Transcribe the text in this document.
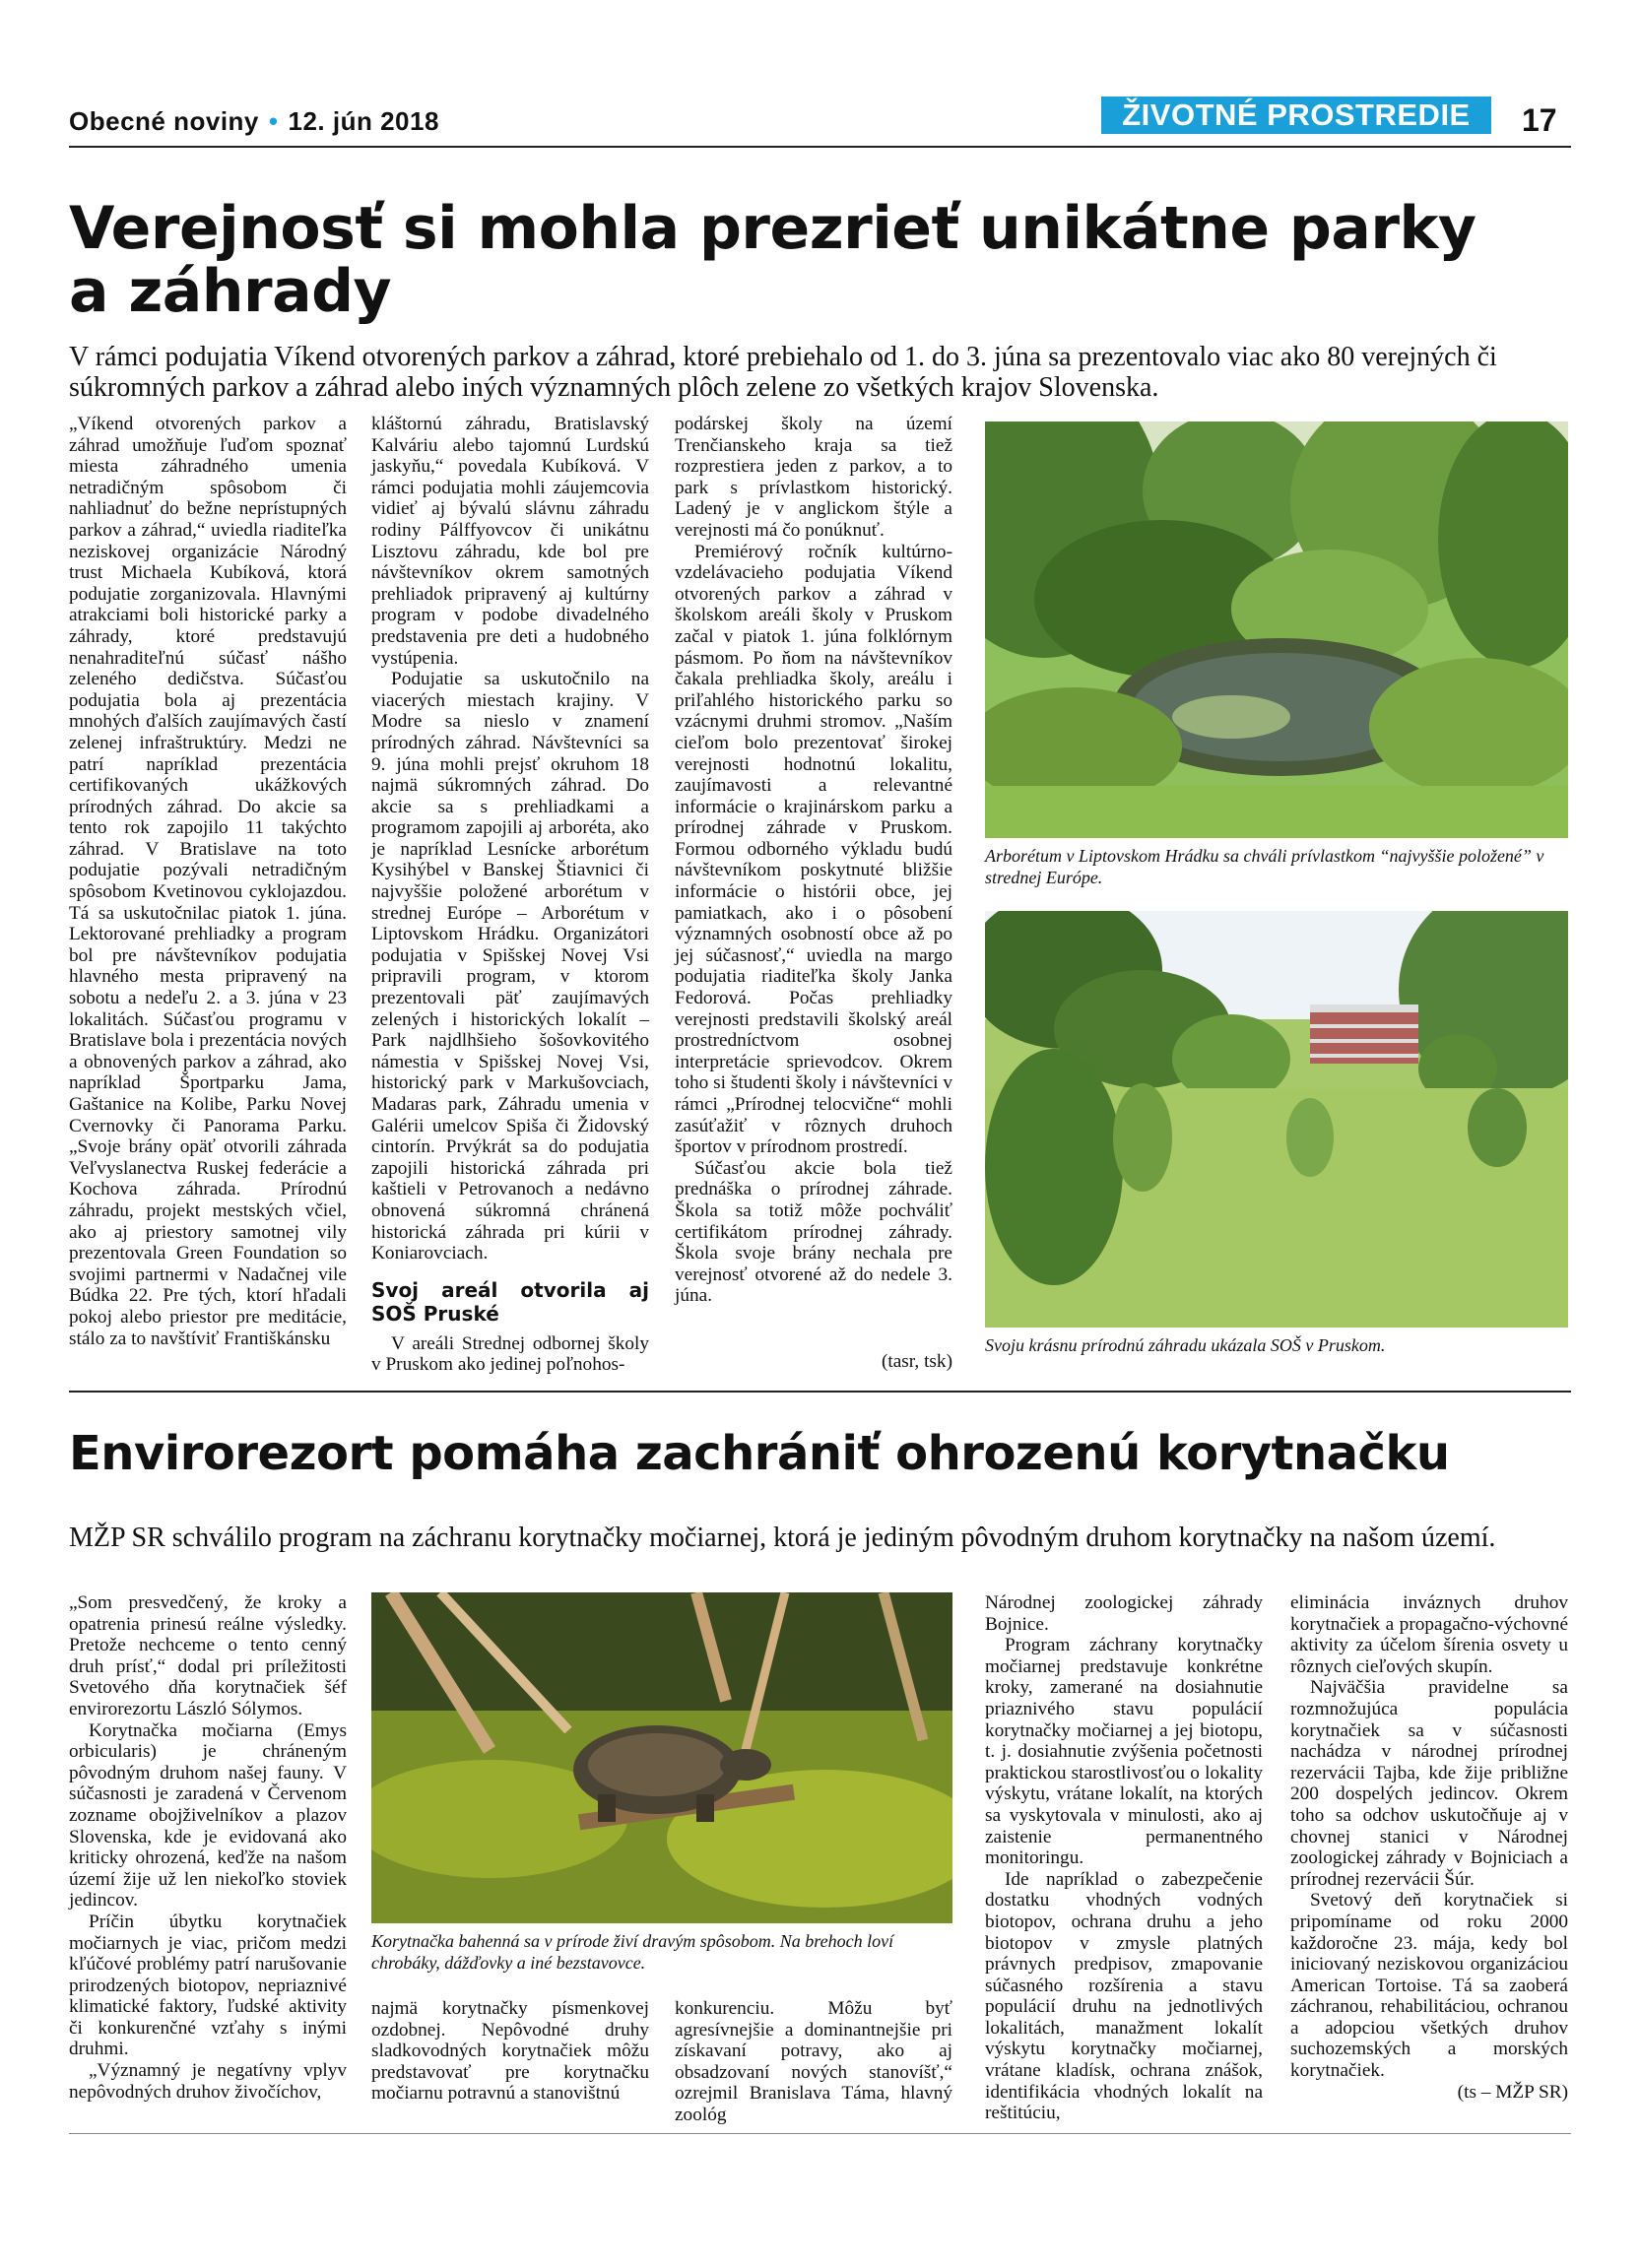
Obecné noviny • 12. jún 2018	ŽIVOTNÉ PROSTREDIE	17
Verejnosť si mohla prezrieť unikátne parky a záhrady
V rámci podujatia Víkend otvorených parkov a záhrad, ktoré prebiehalo od 1. do 3. júna sa prezentovalo viac ako 80 verejných či súkromných parkov a záhrad alebo iných významných plôch zelene zo všetkých krajov Slovenska.

„Víkend otvorených parkov a záhrad umožňuje ľuďom spoznať miesta záhradného umenia netradičným spôsobom či nahliadnuť do bežne neprístupných parkov a záhrad,“ uviedla riaditeľka neziskovej organizácie Národný trust Michaela Kubíková, ktorá podujatie zorganizovala. Hlavnými atrakciami boli historické parky a záhrady, ktoré predstavujú nenahraditeľnú súčasť nášho zeleného dedičstva. Súčasťou podujatia bola aj prezentácia mnohých ďalších zaujímavých častí zelenej infraštruktúry. Medzi ne patrí napríklad prezentácia certifikovaných ukážkových prírodných záhrad. Do akcie sa tento rok zapojilo 11 takýchto záhrad. V Bratislave na toto podujatie pozývali netradičným spôsobom Kvetinovou cyklojazdou. Tá sa uskutočnilac piatok 1. júna. Lektorované prehliadky a program bol pre návštevníkov podujatia hlavného mesta pripravený na sobotu a nedeľu 2. a 3. júna v 23 lokalitách. Súčasťou programu v Bratislave bola i prezentácia nových a obnovených parkov a záhrad, ako napríklad Športparku Jama, Gaštanice na Kolibe, Parku Novej Cvernovky či Panorama Parku. „Svoje brány opäť otvorili záhrada Veľvyslanectva Ruskej federácie a Kochova záhrada. Prírodnú záhradu, projekt mestských včiel, ako aj priestory samotnej vily prezentovala Green Foundation so svojimi partnermi v Nadačnej vile Búdka 22. Pre tých, ktorí hľadali pokoj alebo priestor pre meditácie, stálo za to navštíviť Františkánsku

kláštornú záhradu, Bratislavský Kalváriu alebo tajomnú Lurdskú jaskyňu,“ povedala Kubíková. V rámci podujatia mohli záujemcovia vidieť aj bývalú slávnu záhradu rodiny Pálffyovcov či unikátnu Lisztovu záhradu, kde bol pre návštevníkov okrem samotných prehliadok pripravený aj kultúrny program v podobe divadelného predstavenia pre deti a hudobného vystúpenia.

Podujatie sa uskutočnilo na viacerých miestach krajiny. V Modre sa nieslo v znamení prírodných záhrad. Návštevníci sa 9. júna mohli prejsť okruhom 18 najmä súkromných záhrad. Do akcie sa s prehliadkami a programom zapojili aj arboréta, ako je napríklad Lesnícke arborétum Kysihýbel v Banskej Štiavnici či najvyššie položené arborétum v strednej Európe – Arborétum v Liptovskom Hrádku. Organizátori podujatia v Spišskej Novej Vsi pripravili program, v ktorom prezentovali päť zaujímavých zelených i historických lokalít – Park najdlhšieho šošovkovitého námestia v Spišskej Novej Vsi, historický park v Markušovciach, Madaras park, Záhradu umenia v Galérii umelcov Spiša či Židovský cintorín. Prvýkrát sa do podujatia zapojili historická záhrada pri kaštieli v Petrovanoch a nedávno obnovená súkromná chránená historická záhrada pri kúrii v Koniarovciach.

Svoj areál otvorila aj SOŠ Pruské

V areáli Strednej odbornej školy v Pruskom ako jedinej poľnohos-

podárskej školy na území Trenčianskeho kraja sa tiež rozprestiera jeden z parkov, a to park s prívlastkom historický. Ladený je v anglickom štýle a verejnosti má čo ponúknuť.

Premiérový ročník kultúrno-vzdelávacieho podujatia Víkend otvorených parkov a záhrad v školskom areáli školy v Pruskom začal v piatok 1. júna folklórnym pásmom. Po ňom na návštevníkov čakala prehliadka školy, areálu i priľahlého historického parku so vzácnymi druhmi stromov. „Naším cieľom bolo prezentovať širokej verejnosti hodnotnú lokalitu, zaujímavosti a relevantné informácie o krajinárskom parku a prírodnej záhrade v Pruskom. Formou odborného výkladu budú návštevníkom poskytnuté bližšie informácie o histórii obce, jej pamiatkach, ako i o pôsobení významných osobností obce až po jej súčasnosť,“ uviedla na margo podujatia riaditeľka školy Janka Fedorová. Počas prehliadky verejnosti predstavili školský areál prostredníctvom osobnej interpretácie sprievodcov. Okrem toho si študenti školy i návštevníci v rámci „Prírodnej telocvične“ mohli zasúťažiť v rôznych druhoch športov v prírodnom prostredí.

Súčasťou akcie bola tiež prednáška o prírodnej záhrade. Škola sa totiž môže pochváliť certifikátom prírodnej záhrady. Škola svoje brány nechala pre verejnosť otvorené až do nedele 3. júna.

(tasr, tsk)
Arborétum v Liptovskom Hrádku sa chváli prívlastkom “najvyššie položené” v strednej Európe.
Svoju krásnu prírodnú záhradu ukázala SOŠ v Pruskom.
Envirorezort pomáha zachrániť ohrozenú korytnačku
MŽP SR schválilo program na záchranu korytnačky močiarnej, ktorá je jediným pôvodným druhom korytnačky na našom území.

„Som presvedčený, že kroky a opatrenia prinesú reálne výsledky. Pretože nechceme o tento cenný druh prísť,“ dodal pri príležitosti Svetového dňa korytnačiek šéf envirorezortu László Sólymos.

Korytnačka močiarna (Emys orbicularis) je chráneným pôvodným druhom našej fauny. V súčasnosti je zaradená v Červenom zozname obojživelníkov a plazov Slovenska, kde je evidovaná ako kriticky ohrozená, keďže na našom území žije už len niekoľko stoviek jedincov.

Príčin úbytku korytnačiek močiarnych je viac, pričom medzi kľúčové problémy patrí narušovanie prirodzených biotopov, nepriaznivé klimatické faktory, ľudské aktivity či konkurenčné vzťahy s inými druhmi.

„Významný je negatívny vplyv nepôvodných druhov živočíchov,

Korytnačka bahenná sa v prírode živí dravým spôsobom. Na brehoch loví chrobáky, dážďovky a iné bezstavovce.

najmä korytnačky písmenkovej ozdobnej. Nepôvodné druhy sladkovodných korytnačiek môžu predstavovať pre korytnačku močiarnu potravnú a stanovištnú

konkurenciu. Môžu byť agresívnejšie a dominantnejšie pri získavaní potravy, ako aj obsadzovaní nových stanovíšť,“ ozrejmil Branislava Táma, hlavný zoológ

Národnej zoologickej záhrady Bojnice.

Program záchrany korytnačky močiarnej predstavuje konkrétne kroky, zamerané na dosiahnutie priaznivého stavu populácií korytnačky močiarnej a jej biotopu, t. j. dosiahnutie zvýšenia početnosti praktickou starostlivosťou o lokality výskytu, vrátane lokalít, na ktorých sa vyskytovala v minulosti, ako aj zaistenie permanentného monitoringu.

Ide napríklad o zabezpečenie dostatku vhodných vodných biotopov, ochrana druhu a jeho biotopov v zmysle platných právnych predpisov, zmapovanie súčasného rozšírenia a stavu populácií druhu na jednotlivých lokalitách, manažment lokalít výskytu korytnačky močiarnej, vrátane kladísk, ochrana znášok, identifikácia vhodných lokalít na reštitúciu,

eliminácia inváznych druhov korytnačiek a propagačno-výchovné aktivity za účelom šírenia osvety u rôznych cieľových skupín.

Najväčšia pravidelne sa rozmnožujúca populácia korytnačiek sa v súčasnosti nachádza v národnej prírodnej rezervácii Tajba, kde žije približne 200 dospelých jedincov. Okrem toho sa odchov uskutočňuje aj v chovnej stanici v Národnej zoologickej záhrady v Bojniciach a prírodnej rezervácii Šúr.

Svetový deň korytnačiek si pripomíname od roku 2000 každoročne 23. mája, kedy bol iniciovaný neziskovou organizáciou American Tortoise. Tá sa zaoberá záchranou, rehabilitáciou, ochranou a adopciou všetkých druhov suchozemských a morských korytnačiek.

(ts – MŽP SR)
